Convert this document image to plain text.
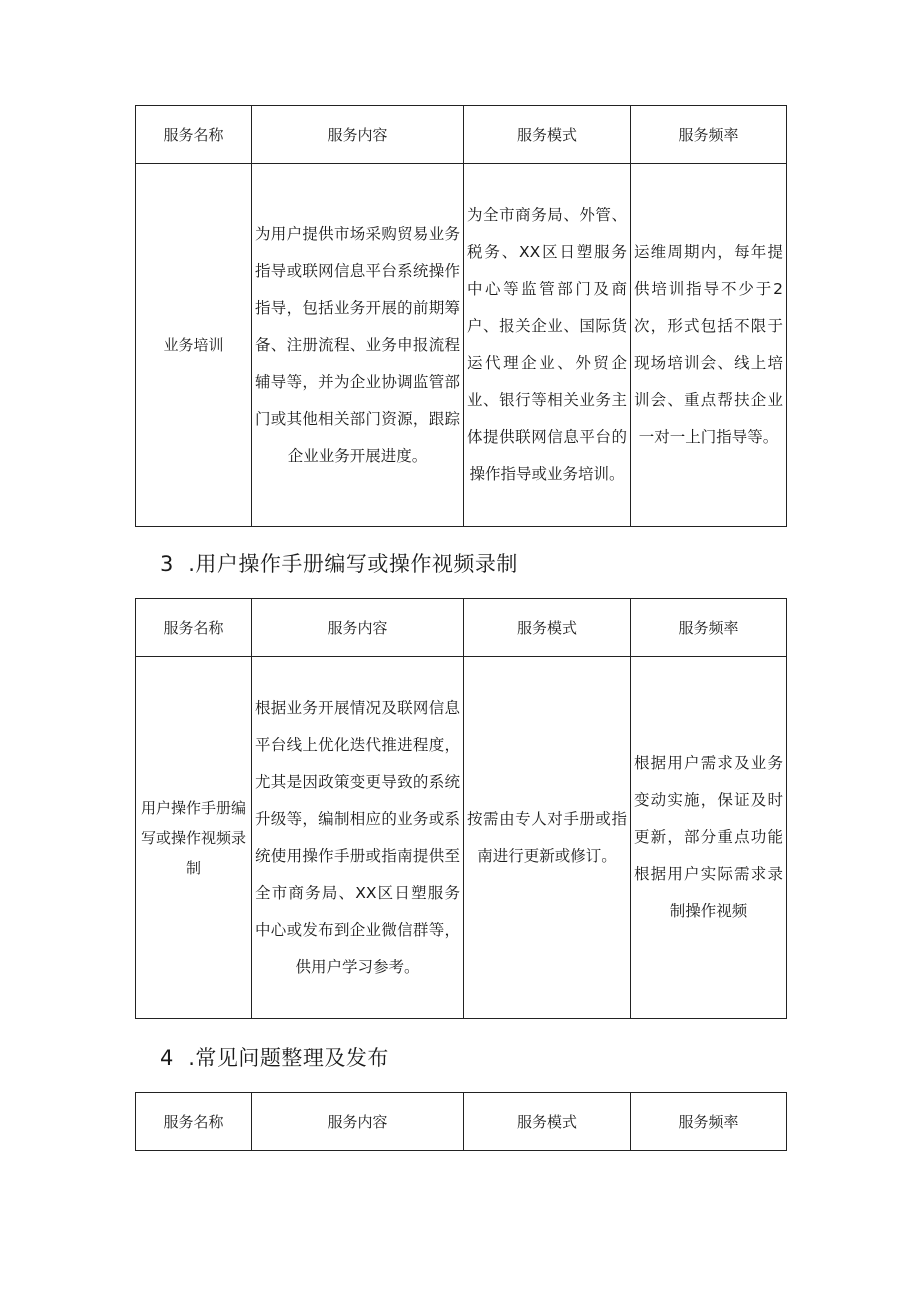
服务名称	服务内容	服务模式	服务频率

业务培训	为用户提供市场采购贸易业务指导或联网信息平台系统操作指导，包括业务开展的前期筹备、注册流程、业务申报流程辅导等，并为企业协调监管部门或其他相关部门资源，跟踪企业业务开展进度。	为全市商务局、外管、税务、XX区日塑服务中心等监管部门及商户、报关企业、国际货运代理企业、外贸企业、银行等相关业务主体提供联网信息平台的操作指导或业务培训。	运维周期内，每年提供培训指导不少于2次，形式包括不限于现场培训会、线上培训会、重点帮扶企业一对一上门指导等。
3 .用户操作手册编写或操作视频录制
服务名称	服务内容	服务模式	服务频率

用户操作手册编写或操作视频录制	根据业务开展情况及联网信息平台线上优化迭代推进程度，尤其是因政策变更导致的系统升级等，编制相应的业务或系统使用操作手册或指南提供至全市商务局、XX区日塑服务中心或发布到企业微信群等，供用户学习参考。	按需由专人对手册或指南进行更新或修订。	根据用户需求及业务变动实施，保证及时更新，部分重点功能根据用户实际需求录制操作视频
4 .常见问题整理及发布
服务名称	服务内容	服务模式	服务频率
